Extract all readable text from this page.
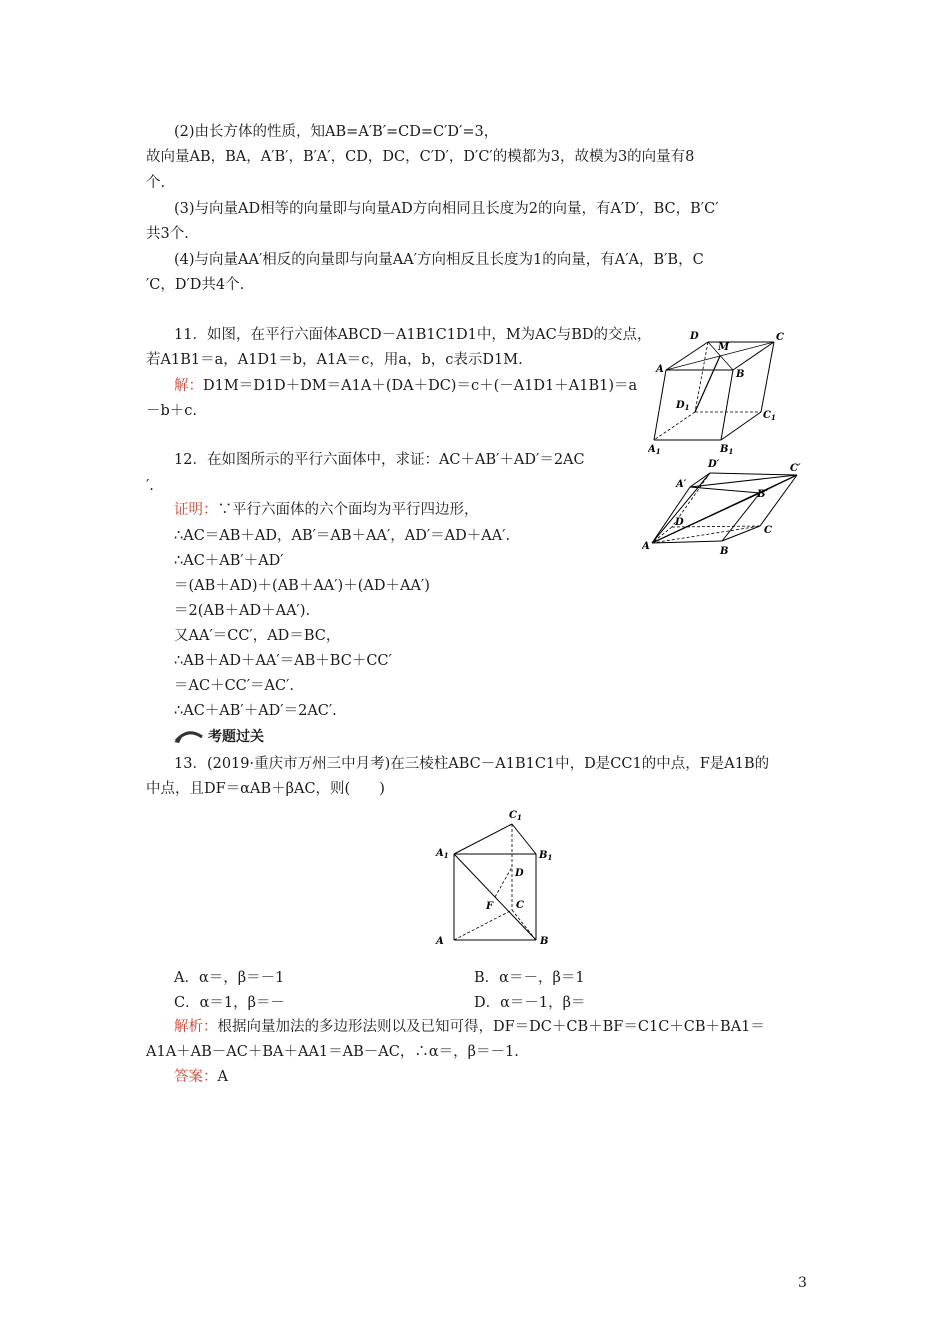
(2)由长方体的性质，知AB=A′B′=CD=C′D′=3，
故向量AB，BA，A′B′，B′A′，CD，DC，C′D′，D′C′的模都为3，故模为3的向量有8
个.
(3)与向量AD相等的向量即与向量AD方向相同且长度为2的向量，有A′D′，BC，B′C′
共3个.
(4)与向量AA′相反的向量即与向量AA′方向相反且长度为1的向量，有A′A，B′B，C
′C，D′D共4个.
11．如图，在平行六面体ABCD－A1B1C1D1中，M为AC与BD的交点，
若A1B1＝a，A1D1＝b，A1A＝c，用a，b，c表示D1M.
解：D1M＝D1D＋DM＝A1A＋(DA＋DC)＝c＋(－A1D1＋A1B1)＝a
－b＋c.
D	C
M
A	B
$D_1$
$C_1$
$A_1$	$B_1$
12．在如图所示的平行六面体中，求证：AC＋AB′＋AD′＝2AC
′.
证明：∵平行六面体的六个面均为平行四边形，
∴AC＝AB＋AD，AB′＝AB＋AA′，AD′＝AD＋AA′.
∴AC＋AB′＋AD′
＝(AB＋AD)＋(AB＋AA′)＋(AD＋AA′)
＝2(AB＋AD＋AA′).
又AA′＝CC′，AD＝BC，
∴AB＋AD＋AA′＝AB＋BC＋CC′
＝AC＋CC′＝AC′.
∴AC＋AB′＋AD′＝2AC′.
D′	C′
A′
B′
D
C
A	B
考题过关
13．(2019·重庆市万州三中月考)在三棱柱ABC－A1B1C1中，D是CC1的中点，F是A1B的
中点，且DF＝αAB＋βAC，则(　　)
$C_1$
$A_1$	$B_1$
D
F C
A	B
A．α＝，β＝－1	B．α＝－，β＝1
C．α＝1，β＝－	D．α＝－1，β＝
解析：根据向量加法的多边形法则以及已知可得，DF＝DC＋CB＋BF＝C1C＋CB＋BA1＝
A1A＋AB－AC＋BA＋AA1＝AB－AC，∴α＝，β＝－1.
答案：A
3
